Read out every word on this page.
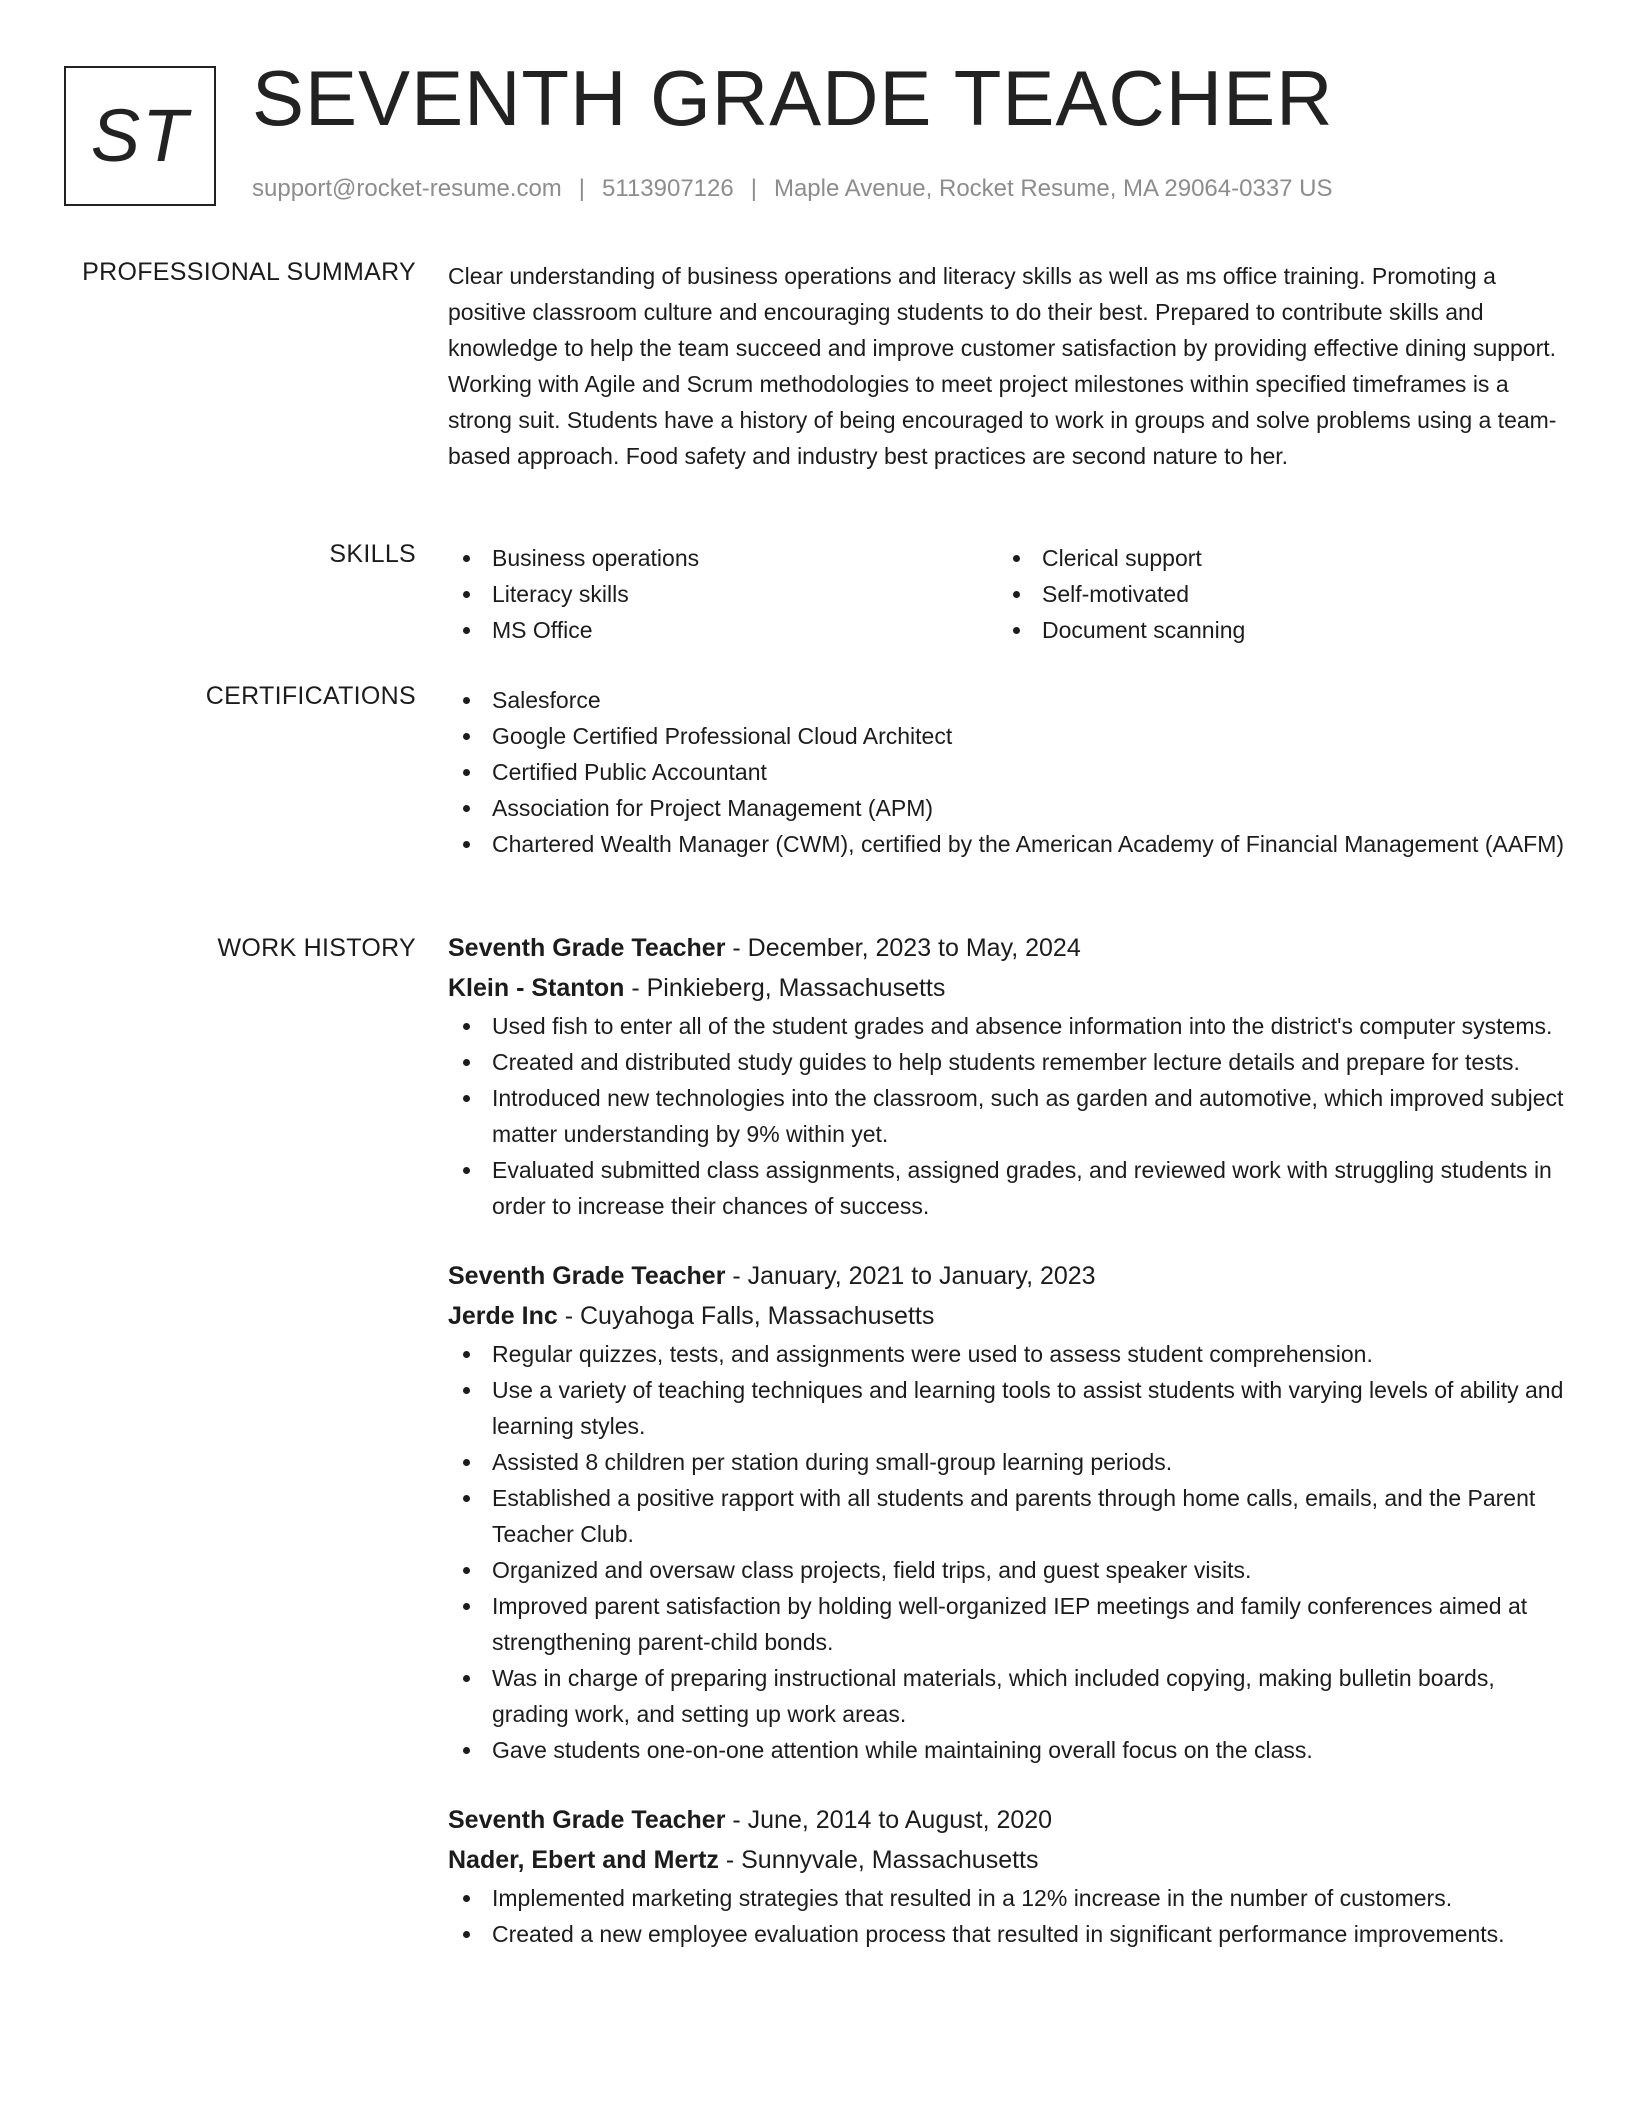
ST SEVENTH GRADE TEACHER
support@rocket-resume.com | 5113907126 | Maple Avenue, Rocket Resume, MA 29064-0337 US
PROFESSIONAL SUMMARY Clear understanding of business operations and literacy skills as well as ms office training. Promoting a positive classroom culture and encouraging students to do their best. Prepared to contribute skills and knowledge to help the team succeed and improve customer satisfaction by providing effective dining support. Working with Agile and Scrum methodologies to meet project milestones within specified timeframes is a strong suit. Students have a history of being encouraged to work in groups and solve problems using a team-based approach. Food safety and industry best practices are second nature to her.

SKILLS	Business operations
Literacy skills
MS Office
Clerical support
Self-motivated
Document scanning
CERTIFICATIONS	Salesforce
Google Certified Professional Cloud Architect
Certified Public Accountant
Association for Project Management (APM)
Chartered Wealth Manager (CWM), certified by the American Academy of Financial Management (AAFM)
WORK HISTORY Seventh Grade Teacher - December, 2023 to May, 2024
Klein - Stanton - Pinkieberg, Massachusetts
Used fish to enter all of the student grades and absence information into the district's computer systems.
Created and distributed study guides to help students remember lecture details and prepare for tests.
Introduced new technologies into the classroom, such as garden and automotive, which improved subject matter understanding by 9% within yet.
Evaluated submitted class assignments, assigned grades, and reviewed work with struggling students in order to increase their chances of success.
Seventh Grade Teacher - January, 2021 to January, 2023
Jerde Inc - Cuyahoga Falls, Massachusetts
Regular quizzes, tests, and assignments were used to assess student comprehension.
Use a variety of teaching techniques and learning tools to assist students with varying levels of ability and learning styles.
Assisted 8 children per station during small-group learning periods.
Established a positive rapport with all students and parents through home calls, emails, and the Parent Teacher Club.
Organized and oversaw class projects, field trips, and guest speaker visits.
Improved parent satisfaction by holding well-organized IEP meetings and family conferences aimed at strengthening parent-child bonds.
Was in charge of preparing instructional materials, which included copying, making bulletin boards, grading work, and setting up work areas.
Gave students one-on-one attention while maintaining overall focus on the class.
Seventh Grade Teacher - June, 2014 to August, 2020
Nader, Ebert and Mertz - Sunnyvale, Massachusetts
Implemented marketing strategies that resulted in a 12% increase in the number of customers.
Created a new employee evaluation process that resulted in significant performance improvements.
